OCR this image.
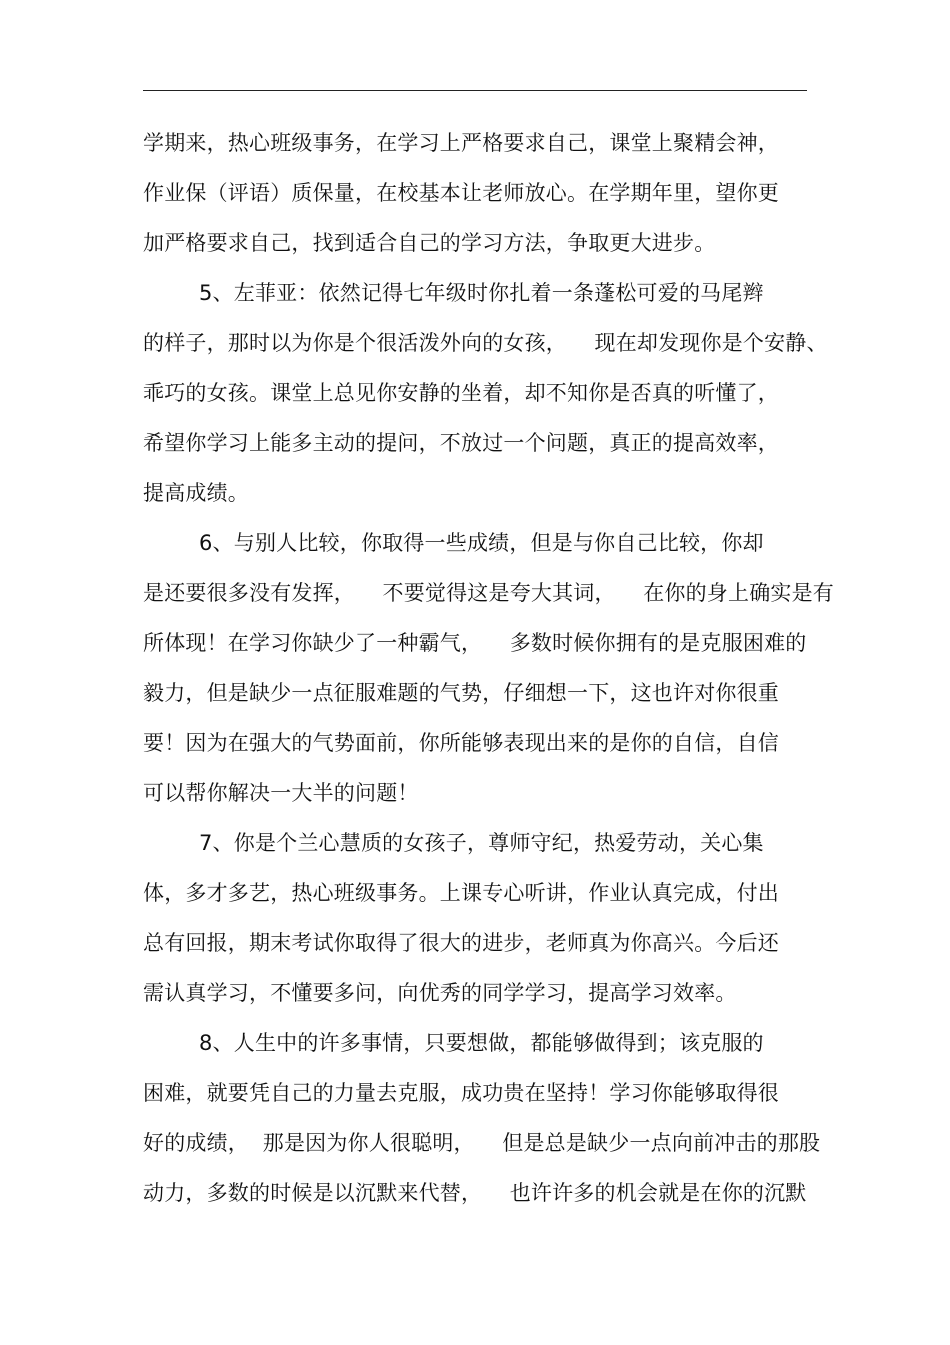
学期来，热心班级事务，在学习上严格要求自己，课堂上聚精会神，
作业保（评语）质保量，在校基本让老师放心。在学期年里，望你更
加严格要求自己，找到适合自己的学习方法，争取更大进步。
5、左菲亚：依然记得七年级时你扎着一条蓬松可爱的马尾辫
的样子，那时以为你是个很活泼外向的女孩，    现在却发现你是个安静、
乖巧的女孩。课堂上总见你安静的坐着，却不知你是否真的听懂了，
希望你学习上能多主动的提问，不放过一个问题，真正的提高效率，
提高成绩。
6、与别人比较，你取得一些成绩，但是与你自己比较，你却
是还要很多没有发挥，    不要觉得这是夸大其词，    在你的身上确实是有
所体现！在学习你缺少了一种霸气，    多数时候你拥有的是克服困难的
毅力，但是缺少一点征服难题的气势，仔细想一下，这也许对你很重
要！因为在强大的气势面前，你所能够表现出来的是你的自信，自信
可以帮你解决一大半的问题！
7、你是个兰心慧质的女孩子，尊师守纪，热爱劳动，关心集
体，多才多艺，热心班级事务。上课专心听讲，作业认真完成，付出
总有回报，期末考试你取得了很大的进步，老师真为你高兴。今后还
需认真学习，不懂要多问，向优秀的同学学习，提高学习效率。
8、人生中的许多事情，只要想做，都能够做得到；该克服的
困难，就要凭自己的力量去克服，成功贵在坚持！学习你能够取得很
好的成绩，  那是因为你人很聪明，    但是总是缺少一点向前冲击的那股
动力，多数的时候是以沉默来代替，    也许许多的机会就是在你的沉默
